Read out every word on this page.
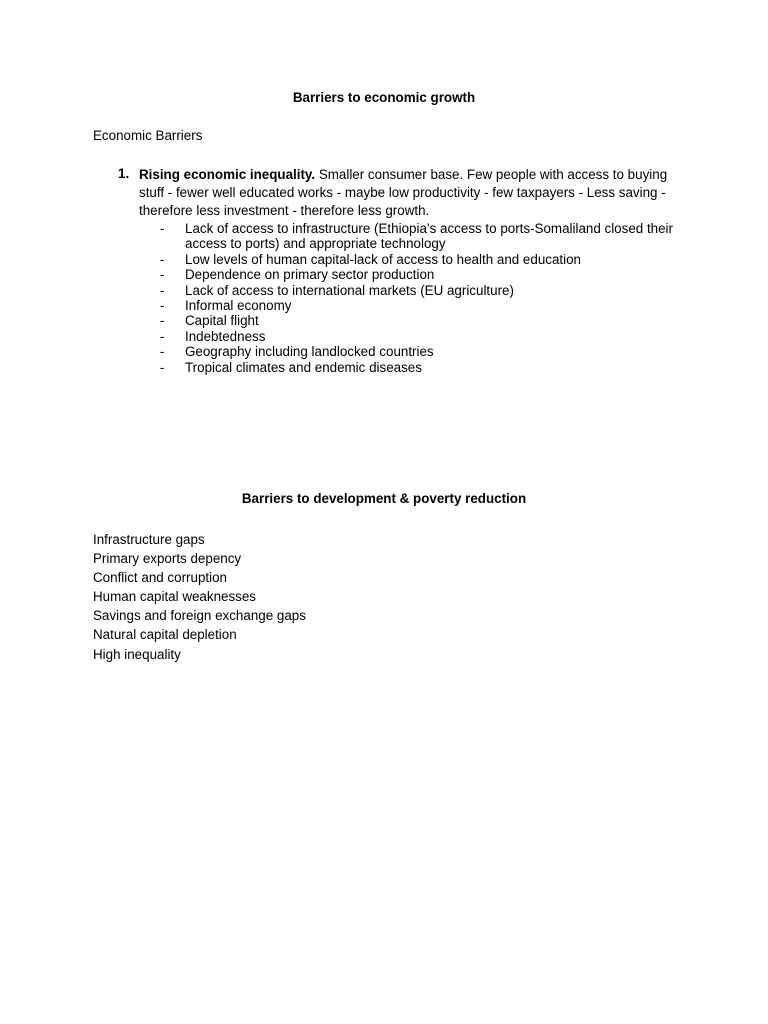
Barriers to economic growth
Economic Barriers
1. Rising economic inequality. Smaller consumer base. Few people with access to buying stuff - fewer well educated works - maybe low productivity - few taxpayers - Less saving - therefore less investment - therefore less growth.
- Lack of access to infrastructure (Ethiopia’s access to ports-Somaliland closed their access to ports) and appropriate technology
- Low levels of human capital-lack of access to health and education
- Dependence on primary sector production
- Lack of access to international markets (EU agriculture)
- Informal economy
- Capital flight
- Indebtedness
- Geography including landlocked countries
- Tropical climates and endemic diseases
Barriers to development & poverty reduction
Infrastructure gaps
Primary exports depency
Conflict and corruption
Human capital weaknesses
Savings and foreign exchange gaps
Natural capital depletion
High inequality
